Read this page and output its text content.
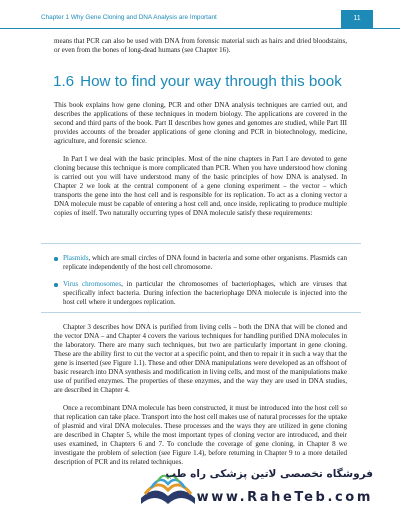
Chapter 1 Why Gene Cloning and DNA Analysis are Important	11

means that PCR can also be used with DNA from forensic material such as hairs and dried bloodstains, or even from the bones of long-dead humans (see Chapter 16).

1.6 How to find your way through this book

This book explains how gene cloning, PCR and other DNA analysis techniques are carried out, and describes the applications of these techniques in modern biology. The applications are covered in the second and third parts of the book. Part II describes how genes and genomes are studied, while Part III provides accounts of the broader applications of gene cloning and PCR in biotechnology, medicine, agriculture, and forensic science.

In Part I we deal with the basic principles. Most of the nine chapters in Part I are devoted to gene cloning because this technique is more complicated than PCR. When you have understood how cloning is carried out you will have understood many of the basic principles of how DNA is analysed. In Chapter 2 we look at the central component of a gene cloning experiment – the vector – which transports the gene into the host cell and is responsible for its replication. To act as a cloning vector a DNA molecule must be capable of entering a host cell and, once inside, replicating to produce multiple copies of itself. Two naturally occurring types of DNA molecule satisfy these requirements:

Plasmids, which are small circles of DNA found in bacteria and some other organisms. Plasmids can replicate independently of the host cell chromosome.
Virus chromosomes, in particular the chromosomes of bacteriophages, which are viruses that specifically infect bacteria. During infection the bacteriophage DNA molecule is injected into the host cell where it undergoes replication.

Chapter 3 describes how DNA is purified from living cells – both the DNA that will be cloned and the vector DNA – and Chapter 4 covers the various techniques for handling purified DNA molecules in the laboratory. There are many such techniques, but two are particularly important in gene cloning. These are the ability first to cut the vector at a specific point, and then to repair it in such a way that the gene is inserted (see Figure 1.1). These and other DNA manipulations were developed as an offshoot of basic research into DNA synthesis and modification in living cells, and most of the manipulations make use of purified enzymes. The properties of these enzymes, and the way they are used in DNA studies, are described in Chapter 4.

Once a recombinant DNA molecule has been constructed, it must be introduced into the host cell so that replication can take place. Transport into the host cell makes use of natural processes for the uptake of plasmid and viral DNA molecules. These processes and the ways they are utilized in gene cloning are described in Chapter 5, while the most important types of cloning vector are introduced, and their uses examined, in Chapters 6 and 7. To conclude the coverage of gene cloning, in Chapter 8 we investigate the problem of selection (see Figure 1.4), before returning in Chapter 9 to a more detailed description of PCR and its related techniques.

فروشگاه تخصصی لاتین پزشکی راه طب
www.RaheTeb.com
